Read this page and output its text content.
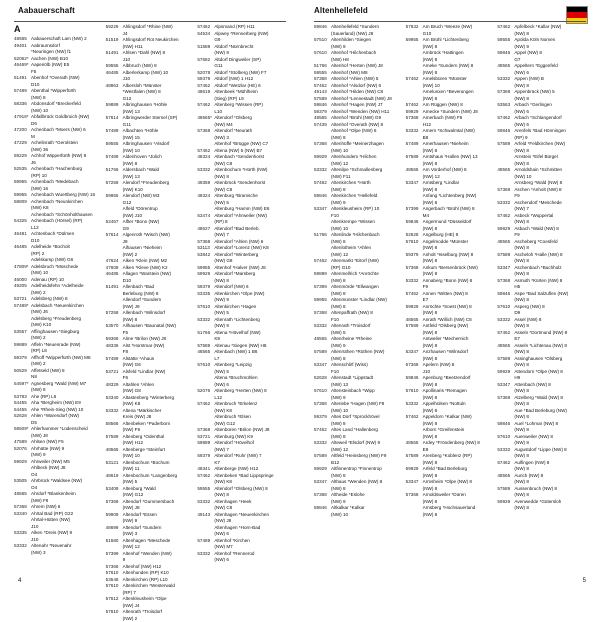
Aabauerschaft
A
48565 Aabauerschaft Lam (NW) 2
49401 Aabraumsdorf
*Neuringen (NW) f1
52062* Aachen (NW) B10
46469* Aapenölb (NW) E5
F5
51491 Abenhof *Overath (NW)
D10
57489 Abenthal *Wipperfürth
(NW) 8
58336 Abdonsdorf *Breckerfeld
(NW) 10
47916* Abfallbrück Goldbroich (NW)
D6
47200 Achenbach *Moers (NW) 6
M
47229 Achelinrath *Gerolstein
(NW) 36
59229 Achhof Wipperfürth (NW) 8
J6
52535 Achenbach *Hachenburg
(RP) 10
59955 Achenbach *Medebach
(NW) 16
59955 Achenbach Wuertberg (NW) 16
58809 Achenbach *Neunkirchen
(NW) K8
Achenbach *Schönholthausen
54325 Achenbach (Hörsel) (RP)
L12
46481 Achtenbach *Dülmen
D10
46485 Adelheide *Bocholt
(RP) 2
Adelskamp (NW) G6
47809* Adelsbruch *Müschede
(NW) 10
46000 Adenau (RP) 10
49205 Adelheidsfehn *Adelheide
(NW) 2
53721 Adelsberg (NW) 8
57489* Adelsbach *Neuenkirchen
(NW) J6
Adelsberg *Freudenberg
(NW) K10
53557 Affinghausen *Siegburg
(NW) 2
59889 Affeln *Neuenrade (NW)
(RP) L8
59379 Affhoff *Wipperfürth (NW) M8
(NW) 2
50529 Affetseld (NW) 8
N8
54597* Agnesberg *Wald (NW) M7
(NW) 8
53783 Ahe (RP) L6
54455 Aha *Bergheim (NW) E9
54455 Ahe *Rhein-Sieg (NW) 10
52628 Ahlen *Warendorf (NW)
D5
58509* Ahlerhammer *Lüdenscheid
(NW) J8
47589 Ahlsen (NW) F5
52076 Ahrhütte (NW) 9
(NW) 9
59929 Ahrweiler (NW) M5
Ahlbeck (NW) J8
O4
53505 Ahrbrück *Waldsee (NW)
O4
48565 Ahrdorf *Blankenheim
(NW) F8
57368 Ahrem (NW) 6
53340 Ahrtal Bad (RP) G22
Ahrtal-Hütten (NW)
J10
53335 Alken *Dreis (NW) 9
J10
53332 Altenahr *Neuenahr
(NW) 3
59229 Ahlingsdorf *Rhine (NW)
J4
51519 Ahlingsdorf Rot Neukirchen
(NW) H11
51491 Ahlsen *Dahl (NW) 8
J10
59555 Albbruch (NW) 8
46485 Alberlerkamp (NW) 10
J10
48863 Albersloh *Münster
*Westfalen (NW) 8
G12
59889 Albringhausen *Höhle
(NW) 13
57614 Albringwerder Sternel (SP)
G11
57489 Albachten *Höhle
(NW) 15
59555 Albringhausen *Alsdorf
(NW) 10
57489 Aldenhoven *Jülich
(NW) 8
51766 Aldersbach *Wald
(NW) 13
57258 Alendorf *Freudenberg
(NW) K10
59955 Alendorf (NW) M3
G12
Alfeld *Dörentrup
(NW) J10
52467 Alfter *Bonn (NW)
G9
57614 Algenroth *Wisch (NW)
J8
Alhausen *Nieheim
(NW) 2
47624 Alken *Klein (NW) M2
47608 Alken *Kleve (NW) K2
46485 Allagen *Warstein (NW)
D10
51491 Allenbach *Bad
Berleburg (NW) 8
Allendorf *Sundern
(NW) J9
57258 Allenbach *Wilnsdorf
(NW) 8
53570 Allhausen *Baunatal (NW)
F5
59368 Alme *Brilon (NW) J8
48336 Alst *Horstmar (NW)
F8
57489 Alstätte *Ahaus
(NW) G6
53721 Alsfeld *Lindlar (NW)
F6
48329 Altahlen *Ahlen
(NW) G8
53340 Altastenberg *Winterberg
(NW) K8
53332 Altena *Märkischer
Kreis (NW) J8
58566 Altenbeken *Paderborn
(NW) F9
57589 Altenberg *Odenthal
(NW) H12
48565 Altenberge *Steinfurt
(NW) 10
53121 Altenbochum *Bochum
(NW) 11
48619 Altenbochum *Langenberg
(NW) 5
53408 Altenburg *Wald
(NW) G12
57368 Altendorf *Gummersbach
(NW) J8
59909 Altendorf *Essen
(NW) 9
48699 Altendorf *Sundern
(NW) 3
51580 Altenhagen *Meschede
(NW) 12
57399 Altenhof *Wenden (NW)
9
57368 Altenhof (NW) H12
57610 Altenhunden (RP) K10
53548 Altenkirchen (RP) L10
57610 Altenkirchen *Westerwald
(RP) 7
57612 Altenkleusheim *Olpe
(NW) J4
57610 Altenrath *Troisdorf
(NW) 2
57462 Alpsmand (RP) H11
54534 Alpwey *Rennerberg (NW)
G9
51588 Altdorf *Nürnbrecht
(NW) 8
57682 Altdorf Dingweiler (SP)
G11
52078 Altdorf *Stolberg (NW) F7
59379 Altdorf (NW) 1 H12
57462 Altdorf *Wetzlar (HE) 6
48619 Altenbeek *Mühlheim
(Sieg) (RP) L9
57462 Altenberg *Wissen (RP)
L10
48565* Altendorf *Olsberg
(NW) M4
57368 Altendorf *Neurath
(NW) 3
Altenhof *Brügge (NW) C7
57462 Altena (NW) 5 (NW) B7
48324 Altenbach *Sendenhorst
(NW) C8
53332 Altenbochum *Hürth (NW)
(NW) 8
49359 Altenbrück *Sendenhorst
(NW) C8
48324 Altenburg *Bramsche
(NW) 5
Altenburg *Hamm (NW) E6
53474 Altendorf *Ahrweiler (NW)
(RP) 8
48627 Altendorf *Bad Berleb.
(NW) 7
57368 Altendorf *Ahlen (NW) 6
53113 Altendorf *Lorenz (NW) K8
53842 Altendorf *Winterberg
(NW) G8
59955 Altenhof *Halver (NW) J8
59929 Altendorf *Marsberg
(NW) 8
59379 Altendorf (NW) 6
53335 Altenkirchen *Olpe (NW)
(NW) 9
57610 Altenkirchen *Hagen
(NW) 5
53332 Altenrath *Lichtenberg
(NW) 9
51766 Altena *Hövelhof (NW)
K9
57589 Altenau *Siegen (NW) H8
48565 Altenbach (NW) 1 B6
L7
57610 Altenberg *Leipzig
(NW) 5
Altena *Bruchmühlen
(NW) 6
52076 Altenberg *Herten (NW) 8
L12
57462 Altenbruch *Erkelenz
(NW) K8
Altenbruch *Elsen
(NW) G12
57368 Altenbüren *Brilon (NW) J8
53721 Altenburg (NW) K9
59889 Altendorf *Hövelhof
(NW) 7
59379 Altendorf *Ruhr (NW) 7
K7
48341 Altenberge (NW) H12
57462 Altenbeken *Bad Lippspringe
(NW) K8
59555 Altendorf *Olsberg (NW) 8
(NW) 8
53332 Altenhagen *Heek
(NW) C8
49143 Altenhagen *Neuenkirchen
(NW) J8
Altenhagen *Horn-Bad
(NW) 6
57489 Altenhof *Kirchen
(NW) M7
53332 Altenhof *Rennerod
(NW) 6
4
Altenhellefeld
59846 Altenhellefeld *Sundern
(Sauerland) (NW) J8
57510 Altenhilden *Siegen
(NW) 9
57610 Altenhof *Hilchenbach
(NW) H8
51766 Altenhof *Herten (NW) J8
59555 Altenhof (NW) M8
57368 Altenhof *Ahlen (NW) 5
57462 Altenhof *Alsdorf (NW) 6
49143 Altenhof *Hilden (NW) C8
57589 Altenhof *Lennestadt (NW) J8
59846 Altenhof *Hagen (NW) J7
59379 Altenhof *Wenden (NW) H11
48565 Altenhof *Brühl (NW) G9
57439 Altenhof *Overath (NW) 8
Altenhof *Olpe (NW) 6
(NW) 8
57368 Altenhüffe *Meinerzhagen
(NW) 10
59929 Altenhundem *Hilchen
(NW) 12
53332 Altenilpe *Schmallenberg
(NW) F11
57462 Altenkirchen *Hürth
(NW) 8
59846 Altenkirchen *Hellefeld
(NW) 9
53347 Altenkleusheim (RP) 10
F10
Altenkrempe *Wissen
(NW) 10
51766 Altenlinde *Hilchenbach
(NW) 8
Altenlotheim *Ahlen
(NW) 12
57462 Altenmarkt *Eitorf (NW)
(RP) G10
59889 Altenmellrich *Anröchte
(NW) 8
57399 Altenmörde *Ellwangen
(NW) 8
59955 Altenmünster *Lindlar (NW)
(NW) 8
57368 Altenpaffrath (NW) 8
F10
53332 Altenrath *Troisdorf
(NW) 5
48565 Altenrheine *Rheine
(NW) 9
57589 Altenrüthen *Rüthen (NW)
(NW) 8
53347 Altenschlirf (Wiss)
F10
52628 Altenstadt *Lippstadt
(NW) 13
57610 Altensteinbach *Wipp
(NW) 9
57368 Alteriebe *Hagen (NW) F8
(NW) 10
59379 Altes Dorf *Sprockhövel
(NW) 8
57462 Altes Land *Hallenberg
(NW) 8
53332 Alteweil *Elsdorf (NW) 9
(NW) 12
57589 Altfeld *Heinsberg (NW) F9
B12
59929 Altfinnentrop *Finnentrop
(NW) 8
53347 Althaus *Wenden (NW) 8
(NW) 8
57368 Altheide *Eslohe
(NW) 9
59846 Altkalkar *Kalkar
(NW) 10
57632 Am Bruch *Weeze (NW)
G10
59955 Am Brühl *Lichtenberg
(NW) 8
Ambrück *Hattingen
(NW) 8
Ameke *Sundern (NW) 8
(NW) 8
57462 Amelsbüren *Münster
(NW) 10
Amelunxen *Beverungen
(NW) 8
57462 Am Rüggen (NW) 8
59929 Amecke *Sundern (NW) J8
57368 Amerbach (NW) F9
H12
53332 Amern *Schwalmtal (NW)
B8
57489 Amerhausen *Nieheim
(NW) 8
57589 Amtshaus *Hallen (NW) 13
(NW) 8
48565 Am Vorderhof (NW) 8
(NW) 12
53347 Amtsberg *Lindlar
(NW) 8
Anfang *Lichtenberg (NW)
(NW) 8
57399 Angerbach *Brühl (NW) 8
M4
59846 Angermund *Düsseldorf
(NW) 8
52628 Angelburg (HE) 8
57610 Angelmodde *Münster
(NW) 8
59379 Anholt *Isselburg (NW) 8
(NW) 8
57368 Ankum *Bersenbrück (NW)
(NW) 8
53332 Annaberg *Bonn (NW) 8
F9
57462 Annen *Witten (NW) 8
E7
59929 Anröchte *Soest (NW) 8
(NW) 8
48565 Anrath *Willich (NW) C8
57589 Antfeld *Olsberg (NW)
(NW) 8
Antweiler *Mechernich
(NW) 8
53347 Anzhausen *Wilnsdorf
(NW) 8
57368 Apelern (NW) 8
J10
59846 Apenburg *Beetzendorf
(NW) 8
57610 Apollinaris *Remagen
(NW) 8
53332 Appelhülsen *Nottuln
(NW) 8
57462 Appeldorn *Kalkar (NW)
(NW) 8
Arborn *Greifenstein
(NW) 8
48565 Ardey *Fröndenberg (NW) 8
E8
57589 Arenberg *Koblenz (RP)
(NW) 8
59929 Arfeld *Bad Berleburg
(NW) 8
53347 Armsheim *Olpe (NW) 8
(NW) 8
57368 Arnoldsweiler *Düren
(NW) 8
Arnsberg *Hochsauerland
(NW) 8
57462 Apfelbeck *Kallar (NW)
(NW) 8
59555 Apolda Köln Nomen
(NW) 9
59846 Appel (NW) 8
G7
48565 Appeltern *Eggenfeld
(NW) 6
53332 Appen (NW) B
(NW) 8
57368 Appenbrück (NW) 5
(NW) 8
53563 Arbach *Gerlingen
(NW) 6
57462 Arbach *Schlangendorf
(NW) 6
59846 Arenfels *Bad Hönningen
(RP) 9
57589 Arfeld *Feldkirchen (NW)
(NW) 8
Arnstein *Eifel Bürgel
(NW) 8
48565 Arnoldshain *Schmitten
(NW) 10
Arnsberg *Wald (NW) 8
57368 Aschen *Anholt (NW) 8
F9
53332 Aschendorf *Meschede
(NW) 7
57462 Asbeck *Wuppertal
(NW) 8
59929 Asbach *Wald (NW) 8
F9
48565 Ascheberg *Coesfeld
(NW) 8
57589 Ascheloh *Halle (NW) 8
(NW) 8
53347 Aschenbach *Buchholz
(NW) 8
57368 Asmuth *Kürten (NW) 8
H5
59846 Aspe *Bad Salzuflen (NW)
(NW) 8
57610 Asperg (NW) 8
D9
53332 Assel (NW) 8
(NW) 8
57462 Asseln *Dortmund (NW) 8
E7
48565 Asseln *Lichtenau (NW) 8
(NW) 8
57589 Assinghausen *Olsberg
(NW) 8
59929 Attendorn *Olpe (NW) 8
H9
53347 Attenbach (NW) 8
(NW) 8
57368 Atzelberg *Wald (NW) 8
(NW) 8
Aue *Bad Berleburg (NW)
(NW) 8
59846 Auel *Lohmar (NW) 8
(NW) 8
57610 Auenweiler (NW) 8
(NW) 8
53332 Augustdorf *Lippe (NW) 8
(NW) 8
57462 Aulfingen (NW) 8
(NW) 8
48565 Aurich (NW) 8
(NW) 8
57589 Aussenbruch (NW) 8
(NW) 8
59929 Avenwedde *Gütersloh
(NW) 8
5
